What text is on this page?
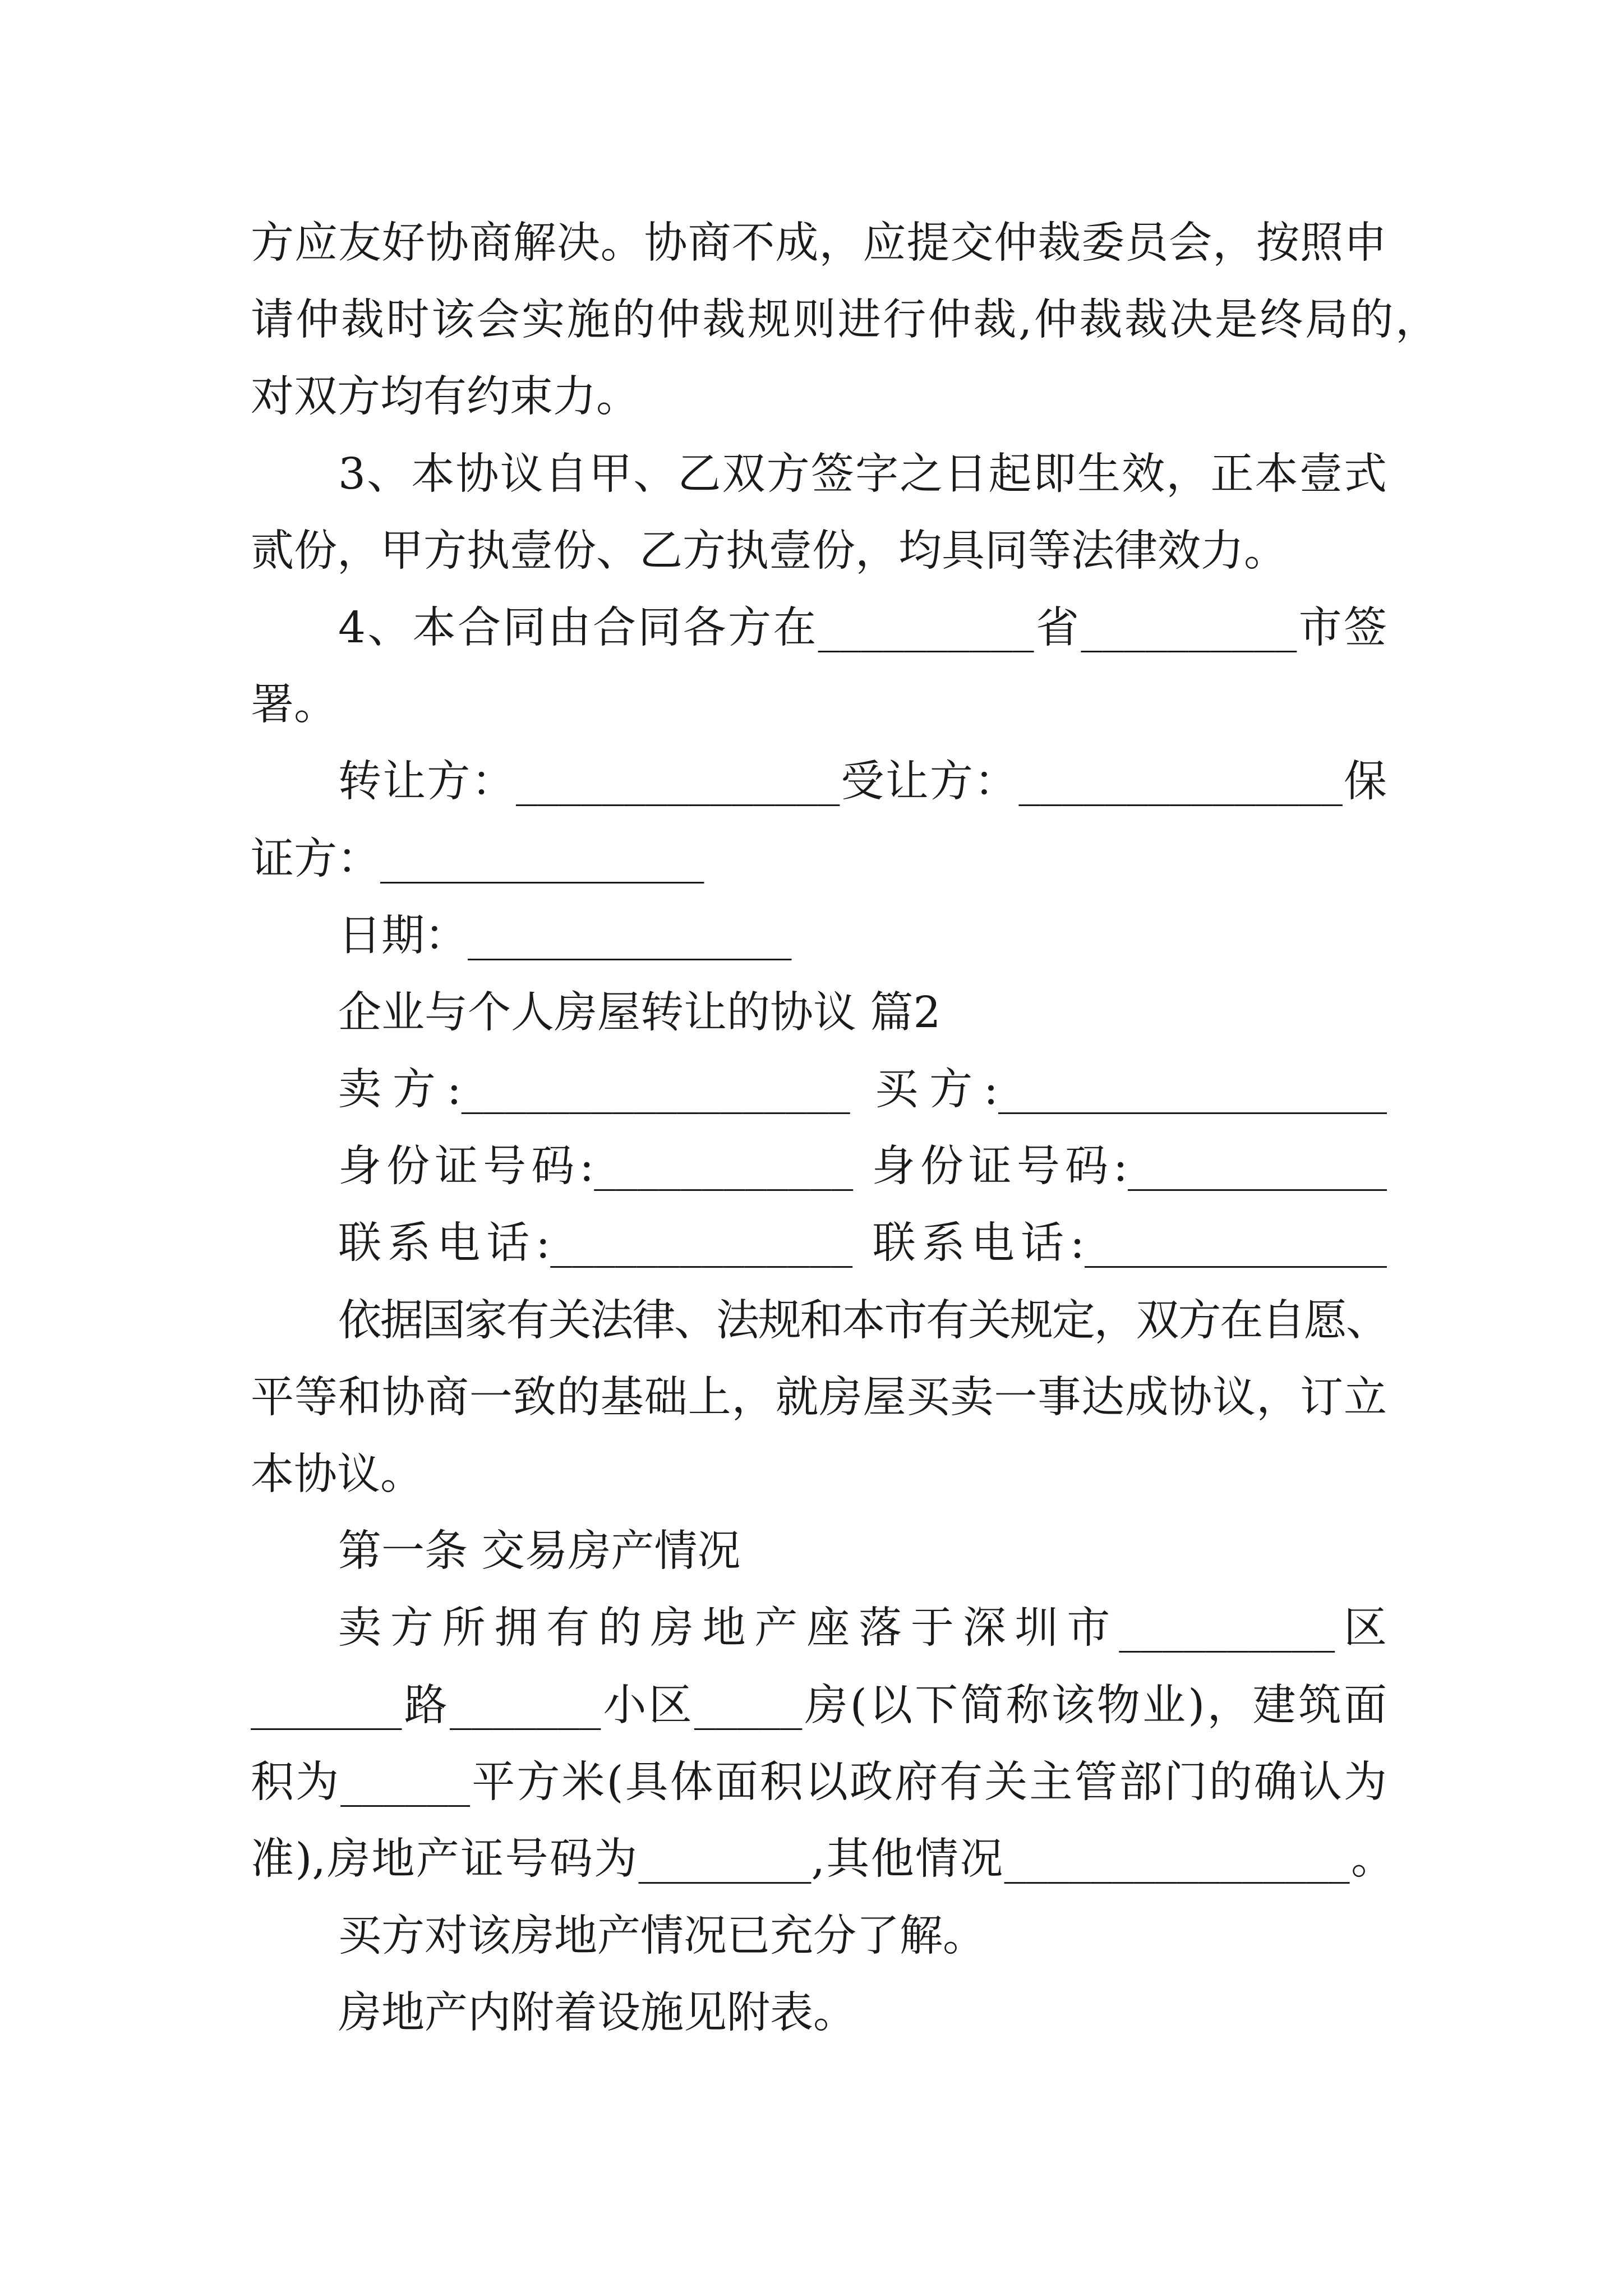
方应友好协商解决。协商不成，应提交仲裁委员会，按照申
请仲裁时该会实施的仲裁规则进行仲裁,仲裁裁决是终局的，
对双方均有约束力。
3、本协议自甲、乙双方签字之日起即生效，正本壹式
贰份，甲方执壹份、乙方执壹份，均具同等法律效力。
4、本合同由合同各方在__________省__________市签
署。
转让方：_______________受让方：_______________保
证方：_______________
日期：_______________
企业与个人房屋转让的协议 篇2
卖方:__________________ 买方:__________________
身份证号码:____________ 身份证号码:____________
联系电话:______________ 联系电话:______________
依据国家有关法律、法规和本市有关规定，双方在自愿、
平等和协商一致的基础上，就房屋买卖一事达成协议，订立
本协议。
第一条 交易房产情况
卖方所拥有的房地产座落于深圳市__________区
_______路_______小区_____房(以下简称该物业)，建筑面
积为______平方米(具体面积以政府有关主管部门的确认为
准),房地产证号码为________,其他情况________________。
买方对该房地产情况已充分了解。
房地产内附着设施见附表。
